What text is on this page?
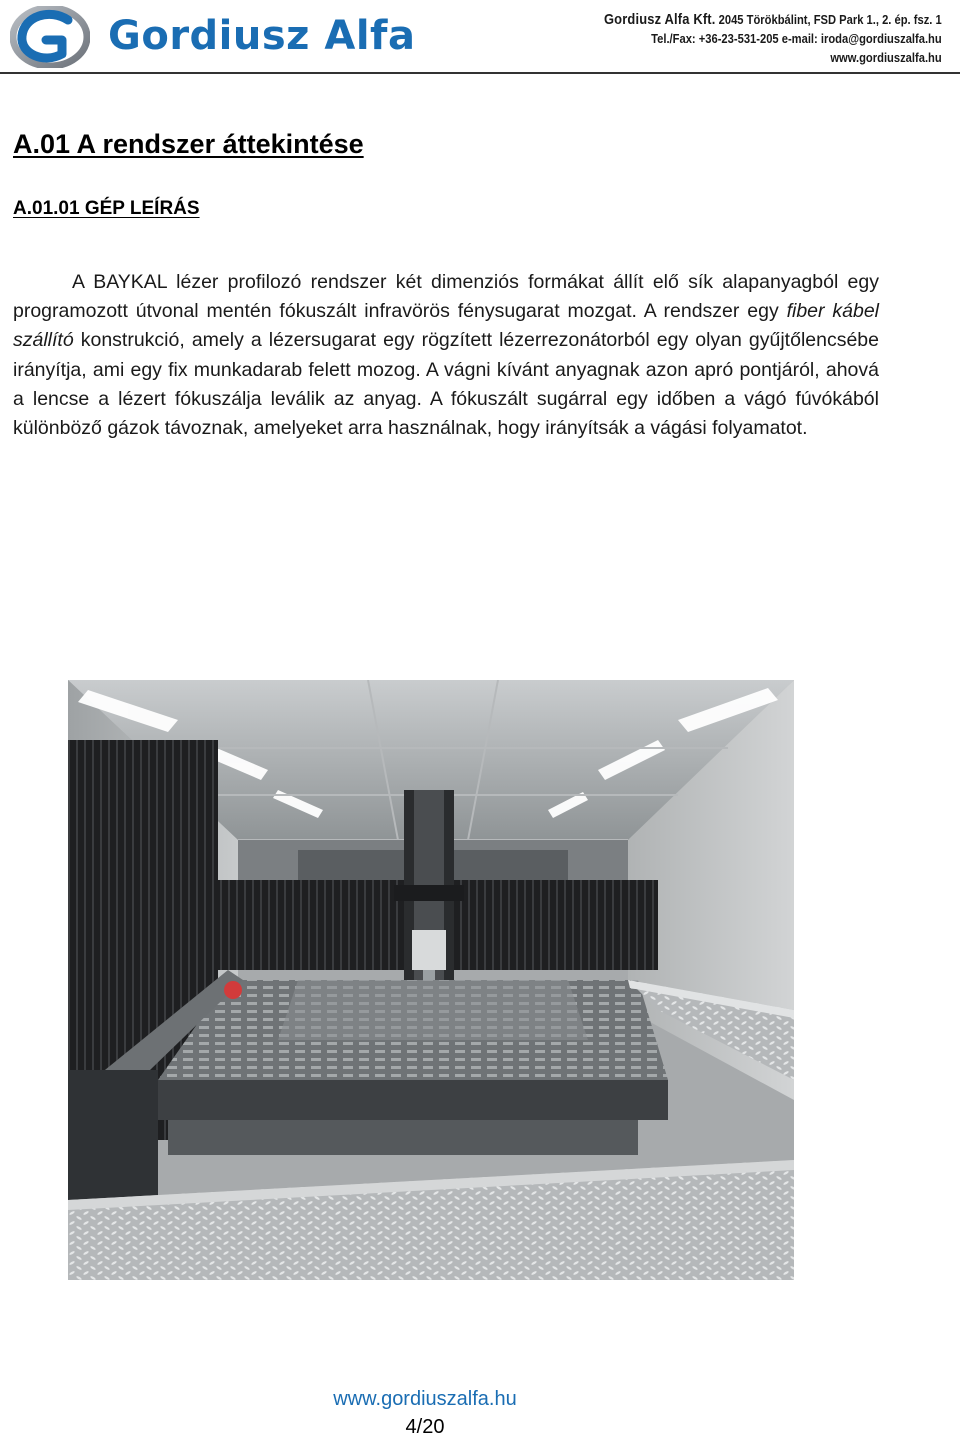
Gordiusz Alfa	Gordiusz Alfa Kft. 2045 Törökbálint, FSD Park 1., 2. ép. fsz. 1
Tel./Fax: +36-23-531-205 e-mail: iroda@gordiuszalfa.hu
www.gordiuszalfa.hu
A.01 A rendszer áttekintése
A.01.01 GÉP LEÍRÁS

A BAYKAL lézer profilozó rendszer két dimenziós formákat állít elő sík alapanyagból egy programozott útvonal mentén fókuszált infravörös fénysugarat mozgat. A rendszer egy fiber kábel szállító konstrukció, amely a lézersugarat egy rögzített lézerrezonátorból egy olyan gyűjtőlencsébe irányítja, ami egy fix munkadarab felett mozog. A vágni kívánt anyagnak azon apró pontjáról, ahová a lencse a lézert fókuszálja leválik az anyag. A fókuszált sugárral egy időben a vágó fúvókából különböző gázok távoznak, amelyeket arra használnak, hogy irányítsák a vágási folyamatot.

www.gordiuszalfa.hu
4/20
